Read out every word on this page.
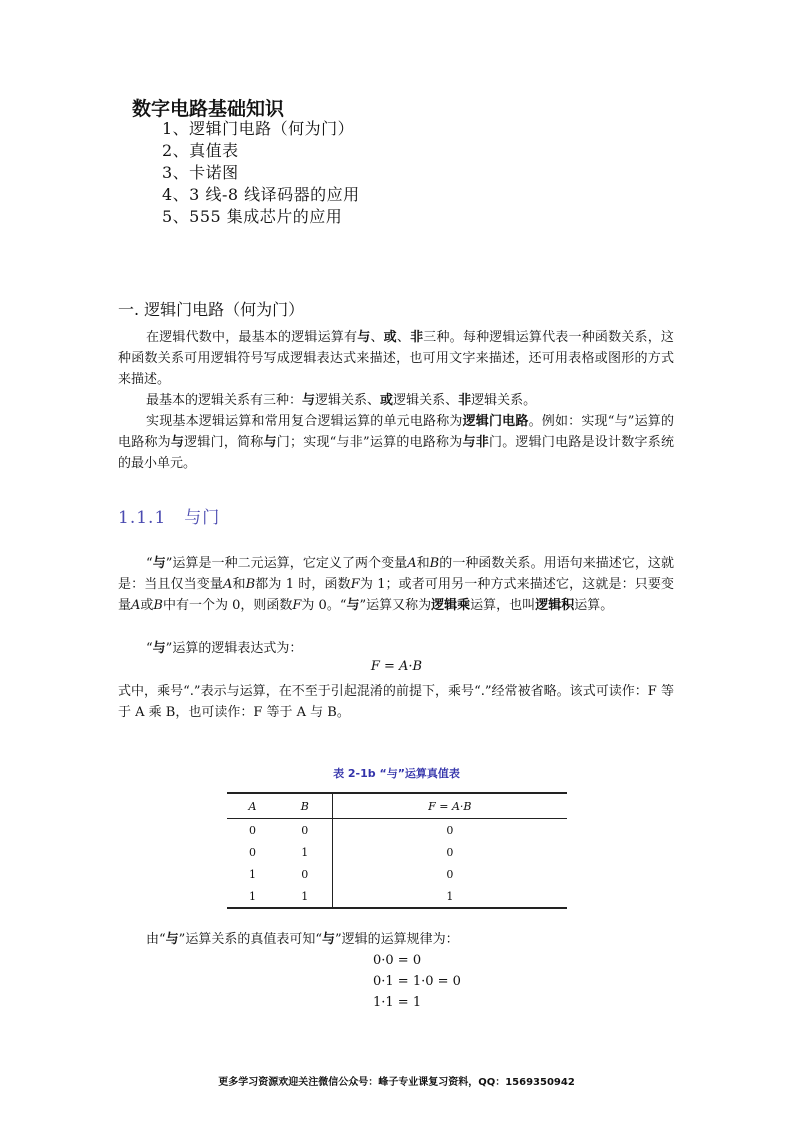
数字电路基础知识
1、逻辑门电路（何为门）
2、真值表
3、卡诺图
4、3 线-8 线译码器的应用
5、555 集成芯片的应用
一. 逻辑门电路（何为门）

在逻辑代数中，最基本的逻辑运算有与、或、非三种。每种逻辑运算代表一种函数关系，这种函数关系可用逻辑符号写成逻辑表达式来描述，也可用文字来描述，还可用表格或图形的方式来描述。

最基本的逻辑关系有三种：与逻辑关系、或逻辑关系、非逻辑关系。

实现基本逻辑运算和常用复合逻辑运算的单元电路称为逻辑门电路。例如：实现“与”运算的电路称为与逻辑门，简称与门；实现“与非”运算的电路称为与非门。逻辑门电路是设计数字系统的最小单元。

1.1.1 与门

“与”运算是一种二元运算，它定义了两个变量A和B的一种函数关系。用语句来描述它，这就是：当且仅当变量A和B都为 1 时，函数F为 1；或者可用另一种方式来描述它，这就是：只要变量A或B中有一个为 0，则函数F为 0。“与”运算又称为逻辑乘运算，也叫逻辑积运算。

“与”运算的逻辑表达式为：

F = A·B

式中，乘号“.”表示与运算，在不至于引起混淆的前提下，乘号“.”经常被省略。该式可读作：F 等于 A 乘 B，也可读作：F 等于 A 与 B。

表 2-1b “与”运算真值表
A	B	F = A·B
0	0	0
0	1	0
1	0	0
1	1	1

由“与”运算关系的真值表可知“与”逻辑的运算规律为：

0·0 = 0
0·1 = 1·0 = 0
1·1 = 1
更多学习资源欢迎关注微信公众号：峰子专业课复习资料，QQ：1569350942
